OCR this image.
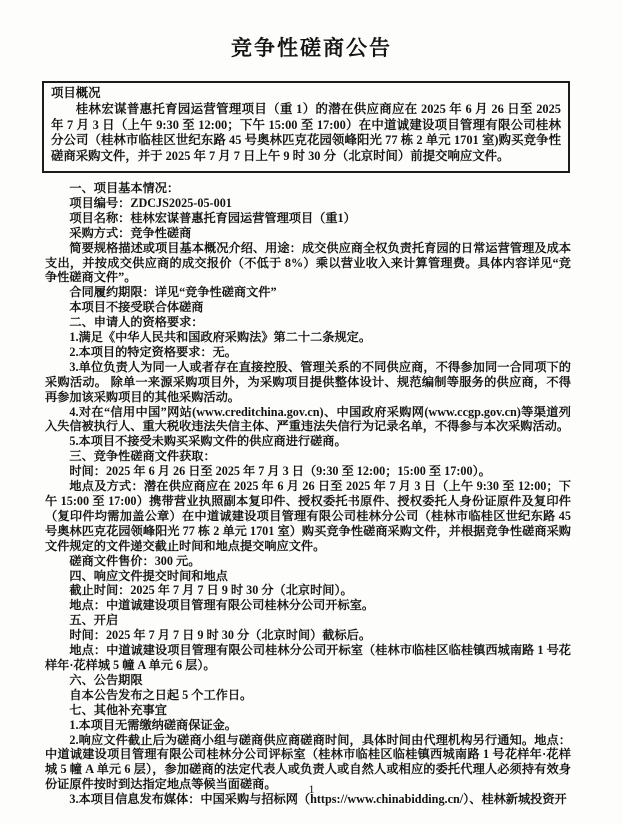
竞争性磋商公告
项目概况

桂林宏谋普惠托育园运营管理项目（重 1）的潜在供应商应在 2025 年 6 月 26 日至 2025 年 7 月 3 日（上午 9:30 至 12:00；下午 15:00 至 17:00）在中道诚建设项目管理有限公司桂林分公司（桂林市临桂区世纪东路 45 号奥林匹克花园领峰阳光 77 栋 2 单元 1701 室)购买竞争性磋商采购文件，并于 2025 年 7 月 7 日上午 9 时 30 分（北京时间）前提交响应文件。

一、项目基本情况：

项目编号：ZDCJS2025-05-001

项目名称：桂林宏谋普惠托育园运营管理项目（重1）

采购方式：竞争性磋商

简要规格描述或项目基本概况介绍、用途：成交供应商全权负责托育园的日常运营管理及成本支出，并按成交供应商的成交报价（不低于 8%）乘以营业收入来计算管理费。具体内容详见“竞争性磋商文件”。

合同履约期限：详见“竞争性磋商文件”

本项目不接受联合体磋商

二、申请人的资格要求：

1.满足《中华人民共和国政府采购法》第二十二条规定。

2.本项目的特定资格要求：无。

3.单位负责人为同一人或者存在直接控股、管理关系的不同供应商，不得参加同一合同项下的采购活动。 除单一来源采购项目外，为采购项目提供整体设计、规范编制等服务的供应商，不得再参加该采购项目的其他采购活动。

4.对在“信用中国”网站(www.creditchina.gov.cn)、中国政府采购网(www.ccgp.gov.cn)等渠道列入失信被执行人、重大税收违法失信主体、严重违法失信行为记录名单，不得参与本次采购活动。

5.本项目不接受未购买采购文件的供应商进行磋商。

三、竞争性磋商文件获取：

时间：2025 年 6 月 26 日至 2025 年 7 月 3 日（9:30 至 12:00；15:00 至 17:00）。

地点及方式：潜在供应商应在 2025 年 6 月 26 日至 2025 年 7 月 3 日（上午 9:30 至 12:00；下午 15:00 至 17:00）携带营业执照副本复印件、授权委托书原件、授权委托人身份证原件及复印件（复印件均需加盖公章）在中道诚建设项目管理有限公司桂林分公司（桂林市临桂区世纪东路 45 号奥林匹克花园领峰阳光 77 栋 2 单元 1701 室）购买竞争性磋商采购文件，并根据竞争性磋商采购文件规定的文件递交截止时间和地点提交响应文件。

磋商文件售价：300 元。

四、响应文件提交时间和地点

截止时间：2025 年 7 月 7 日 9 时 30 分（北京时间）。

地点：中道诚建设项目管理有限公司桂林分公司开标室。

五、开启

时间：2025 年 7 月 7 日 9 时 30 分（北京时间）截标后。

地点：中道诚建设项目管理有限公司桂林分公司开标室（桂林市临桂区临桂镇西城南路 1 号花样年·花样城 5 幢 A 单元 6 层）。

六、公告期限

自本公告发布之日起 5 个工作日。

七、其他补充事宜

1.本项目无需缴纳磋商保证金。

2.响应文件截止后为磋商小组与磋商供应商磋商时间，具体时间由代理机构另行通知。地点：中道诚建设项目管理有限公司桂林分公司评标室（桂林市临桂区临桂镇西城南路 1 号花样年·花样城 5 幢 A 单元 6 层），参加磋商的法定代表人或负责人或自然人或相应的委托代理人必须持有效身份证原件按时到达指定地点等候当面磋商。

3.本项目信息发布媒体：中国采购与招标网（https://www.chinabidding.cn/）、桂林新城投资开

1
